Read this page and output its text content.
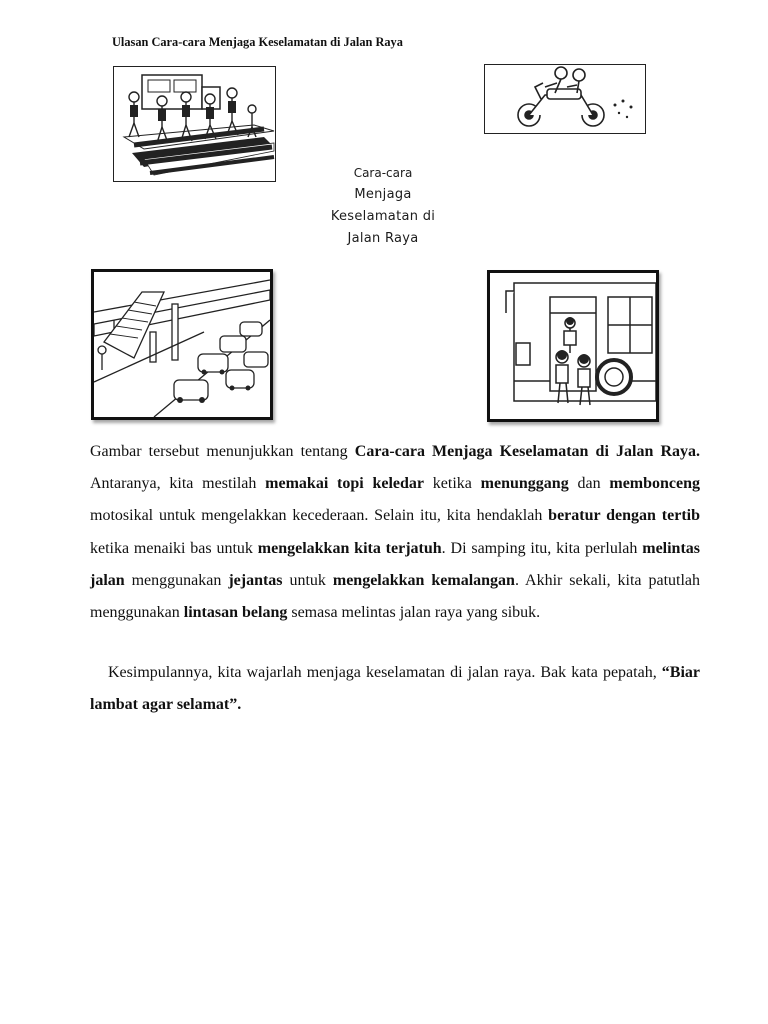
Ulasan Cara-cara Menjaga Keselamatan di Jalan Raya
Cara-cara
Menjaga
Keselamatan di
Jalan Raya

Gambar tersebut menunjukkan tentang Cara-cara Menjaga Keselamatan di Jalan Raya. Antaranya, kita mestilah memakai topi keledar ketika menunggang dan membonceng motosikal untuk mengelakkan kecederaan. Selain itu, kita hendaklah beratur dengan tertib ketika menaiki bas untuk mengelakkan kita terjatuh. Di samping itu, kita perlulah melintas jalan menggunakan jejantas untuk mengelakkan kemalangan. Akhir sekali, kita patutlah menggunakan lintasan belang semasa melintas jalan raya yang sibuk.

Kesimpulannya, kita wajarlah menjaga keselamatan di jalan raya. Bak kata pepatah, “Biar lambat agar selamat”.
